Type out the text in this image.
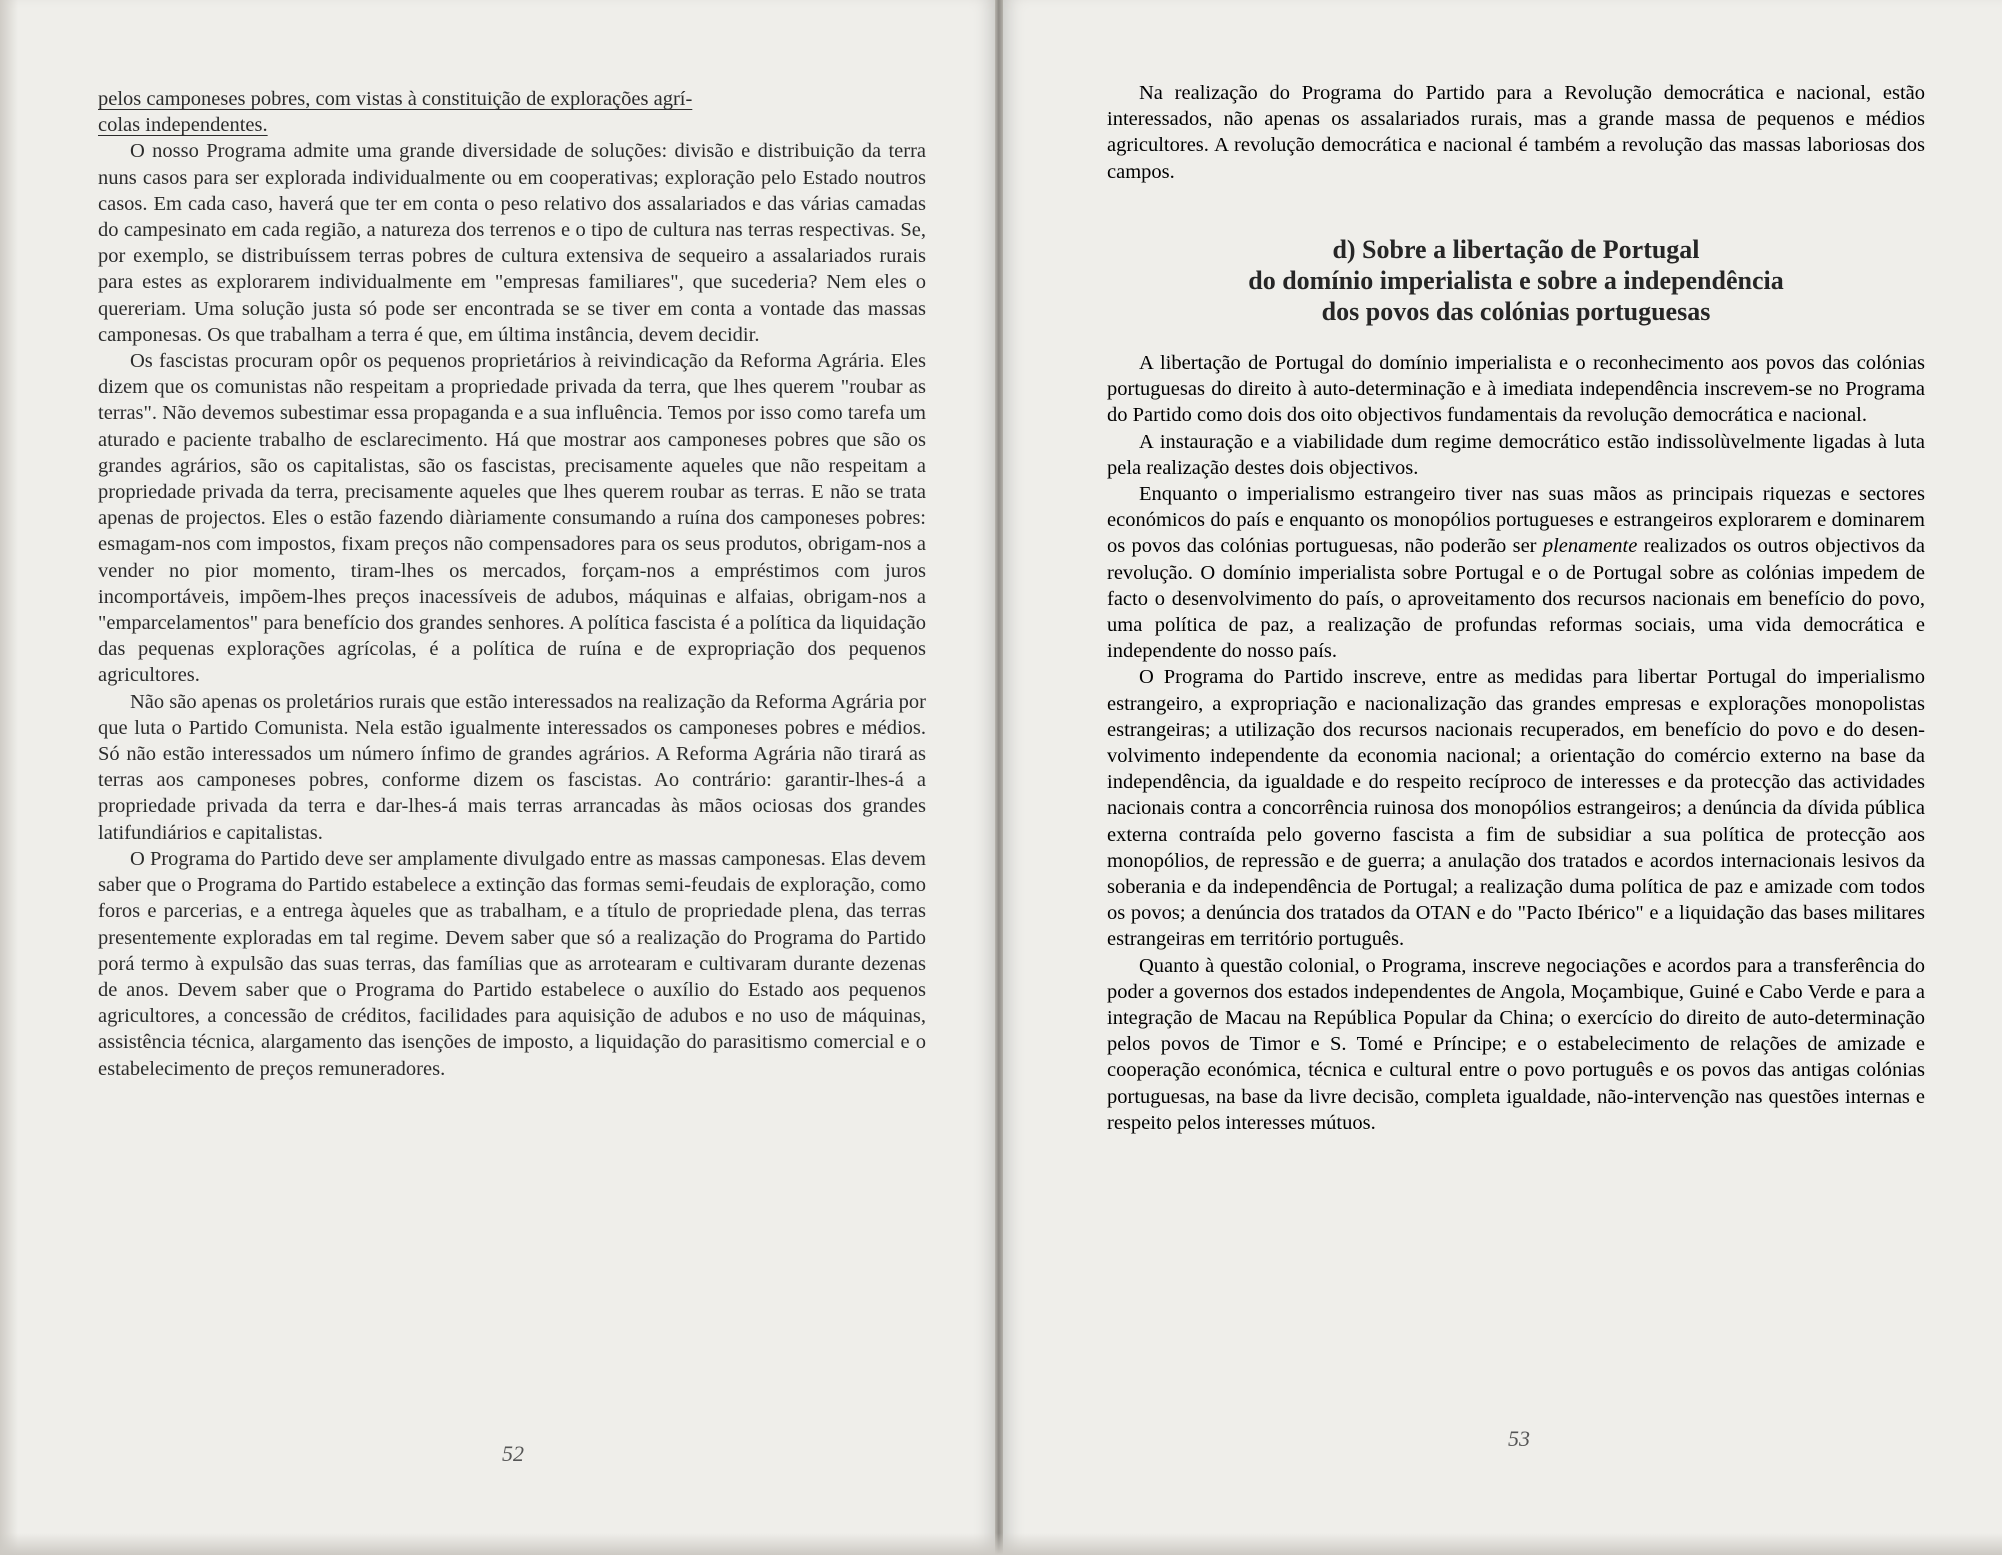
pelos camponeses pobres, com vistas à constituição de explorações agrí-

colas independentes.

O nosso Programa admite uma grande diversidade de soluções: divisão e distribuição da terra nuns casos para ser explorada individualmente ou em cooperativas; exploração pelo Estado noutros casos. Em cada caso, haverá que ter em conta o peso relativo dos assalariados e das várias camadas do campesinato em cada região, a natureza dos terrenos e o tipo de cultura nas terras respectivas. Se, por exemplo, se distribuíssem terras pobres de cultura extensiva de sequeiro a assalariados rurais para estes as explorarem individualmente em "empresas familiares", que sucederia? Nem eles o quereriam. Uma solução justa só pode ser encontrada se se tiver em conta a vontade das massas camponesas. Os que trabalham a terra é que, em última instância, devem decidir.

Os fascistas procuram opôr os pequenos proprietários à reivindicação da Reforma Agrária. Eles dizem que os comunistas não respeitam a propriedade privada da terra, que lhes querem "roubar as terras". Não devemos subestimar essa propaganda e a sua influência. Temos por isso como tarefa um aturado e paciente trabalho de esclarecimento. Há que mostrar aos camponeses pobres que são os grandes agrários, são os capitalistas, são os fascistas, precisamente aqueles que não respeitam a propriedade privada da terra, precisamente aqueles que lhes querem roubar as terras. E não se trata apenas de projectos. Eles o estão fazendo diàriamente consumando a ruína dos camponeses pobres: esmagam-nos com impostos, fixam preços não compensadores para os seus produtos, obrigam-nos a vender no pior momento, tiram-lhes os mercados, forçam-nos a empréstimos com juros incomportáveis, impõem-lhes preços inacessíveis de adubos, máquinas e alfaias, obrigam-nos a "emparcelamentos" para benefício dos grandes senhores. A política fascista é a política da liquidação das pequenas explorações agrícolas, é a política de ruína e de expropriação dos pequenos agricultores.

Não são apenas os proletários rurais que estão interessados na realização da Reforma Agrária por que luta o Partido Comunista. Nela estão igualmente interessados os camponeses pobres e médios. Só não estão interessados um número ínfimo de grandes agrários. A Reforma Agrária não tirará as terras aos camponeses pobres, conforme dizem os fascistas. Ao contrário: garantir-lhes-á a propriedade privada da terra e dar-lhes-á mais terras arrancadas às mãos ociosas dos grandes latifundiários e capitalistas.

O Programa do Partido deve ser amplamente divulgado entre as massas camponesas. Elas devem saber que o Programa do Partido estabelece a extinção das formas semi-feudais de exploração, como foros e parcerias, e a entrega àqueles que as trabalham, e a título de propriedade plena, das terras presentemente exploradas em tal regime. Devem saber que só a realização do Programa do Partido porá termo à expulsão das suas terras, das famílias que as arrotearam e cultivaram durante dezenas de anos. Devem saber que o Programa do Partido estabelece o auxílio do Estado aos pequenos agricultores, a concessão de créditos, facilidades para aquisição de adubos e no uso de máquinas, assistência técnica, alargamento das isenções de imposto, a liquidação do parasitismo comercial e o estabelecimento de preços remuneradores.

52

Na realização do Programa do Partido para a Revolução democrática e nacional, estão interessados, não apenas os assalariados rurais, mas a grande massa de pequenos e médios agricultores. A revolução democrática e nacional é também a revolução das massas laboriosas dos campos.

d) Sobre a libertação de Portugal
do domínio imperialista e sobre a independência
dos povos das colónias portuguesas

A libertação de Portugal do domínio imperialista e o reconhecimento aos povos das colónias portuguesas do direito à auto-determinação e à imediata independência inscrevem-se no Programa do Partido como dois dos oito objectivos fundamentais da revolução democrática e nacional.

A instauração e a viabilidade dum regime democrático estão indissolùvelmente ligadas à luta pela realização destes dois objectivos.

Enquanto o imperialismo estrangeiro tiver nas suas mãos as principais riquezas e sectores económicos do país e enquanto os monopólios portugueses e estrangeiros explorarem e dominarem os povos das colónias portuguesas, não poderão ser plenamente realizados os outros objectivos da revolução. O domínio imperialista sobre Portugal e o de Portugal sobre as colónias impedem de facto o desenvolvimento do país, o aproveitamento dos recursos nacionais em benefício do povo, uma política de paz, a realização de profundas reformas sociais, uma vida democrática e independente do nosso país.

O Programa do Partido inscreve, entre as medidas para libertar Portugal do imperialismo estrangeiro, a expropriação e nacionalização das grandes empresas e explorações monopolistas estrangeiras; a utilização dos recursos nacionais recuperados, em benefício do povo e do desenvolvimento independente da economia nacional; a orientação do comércio externo na base da independência, da igualdade e do respeito recíproco de interesses e da protecção das actividades nacionais contra a concorrência ruinosa dos monopólios estrangeiros; a denúncia da dívida pública externa contraída pelo governo fascista a fim de subsidiar a sua política de protecção aos monopólios, de repressão e de guerra; a anulação dos tratados e acordos internacionais lesivos da soberania e da independência de Portugal; a realização duma política de paz e amizade com todos os povos; a denúncia dos tratados da OTAN e do "Pacto Ibérico" e a liquidação das bases militares estrangeiras em território português.

Quanto à questão colonial, o Programa, inscreve negociações e acordos para a transferência do poder a governos dos estados independentes de Angola, Moçambique, Guiné e Cabo Verde e para a integração de Macau na República Popular da China; o exercício do direito de auto-determinação pelos povos de Timor e S. Tomé e Príncipe; e o estabelecimento de relações de amizade e cooperação económica, técnica e cultural entre o povo português e os povos das antigas colónias portuguesas, na base da livre decisão, completa igualdade, não-intervenção nas questões internas e respeito pelos interesses mútuos.

53
